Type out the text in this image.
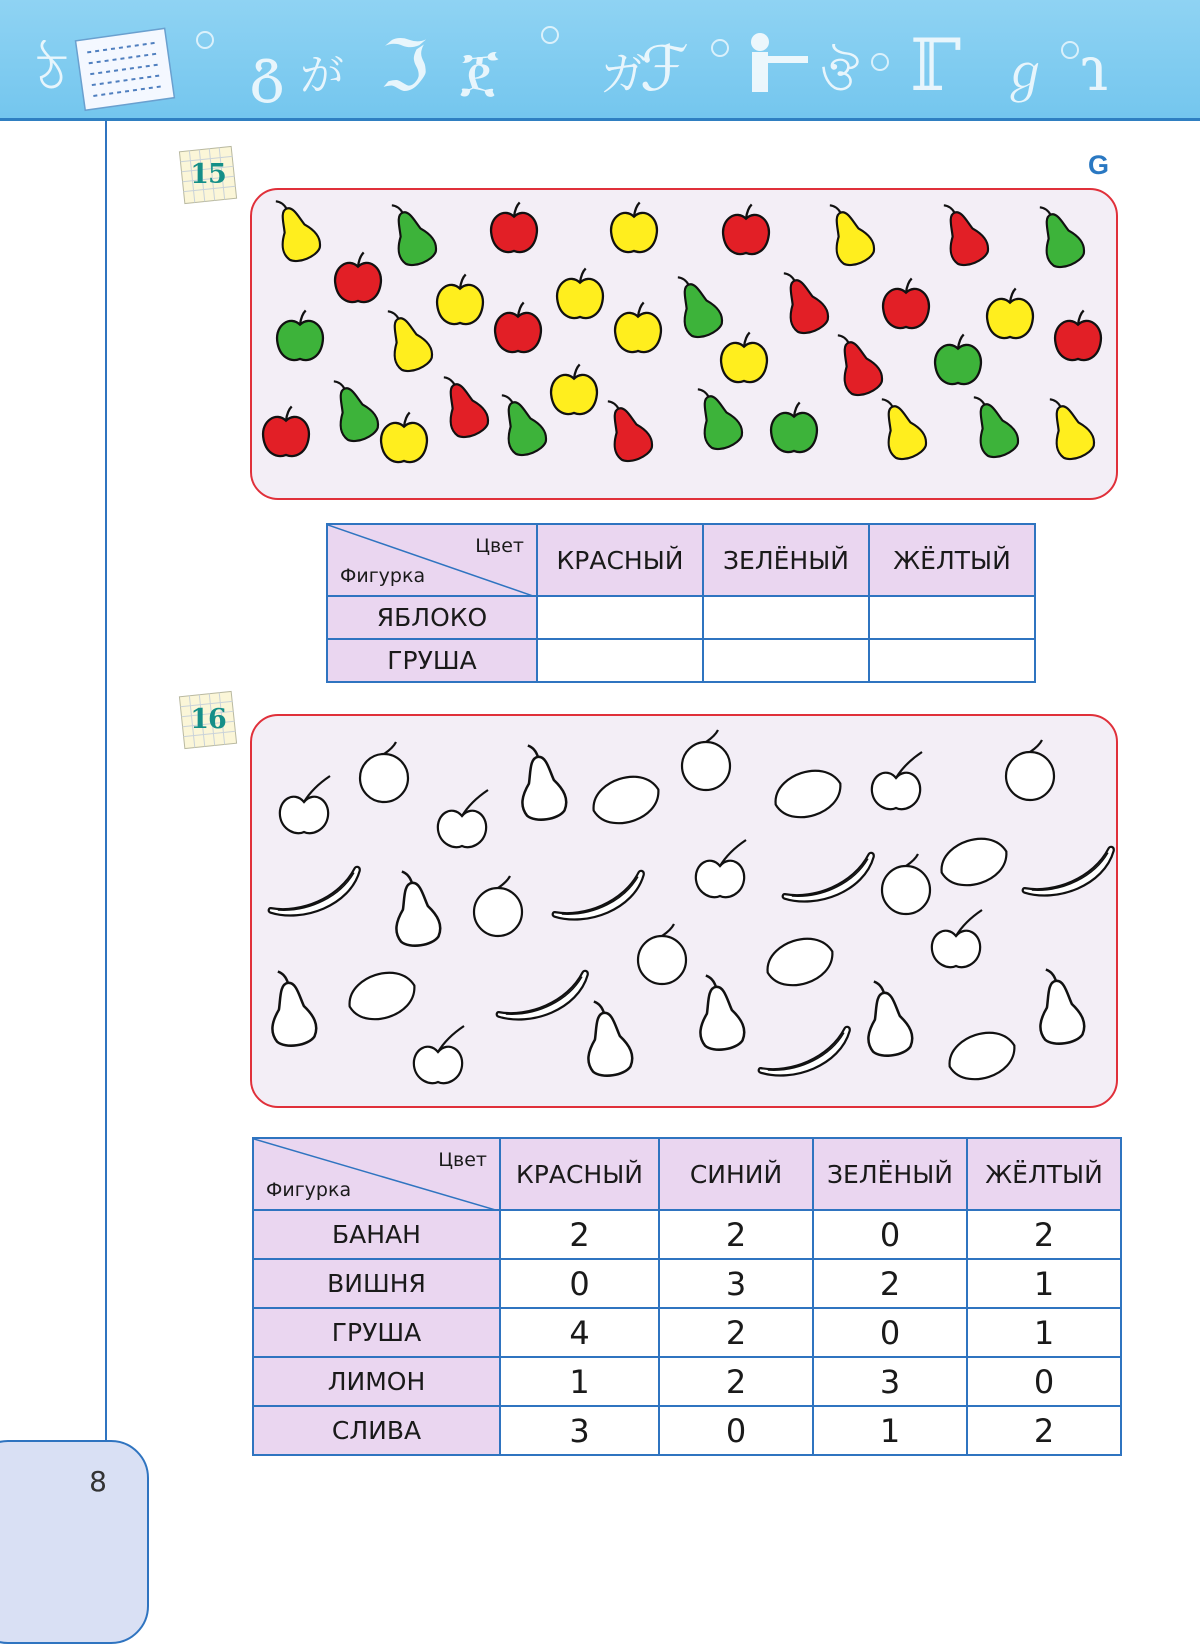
ঠ	გ が ℑ ጀ ガ
ℱ	ঔ ℾ ℊ ɿ
8
G
15
Цвет
Фигурка	КРАСНЫЙ	ЗЕЛЁНЫЙ	ЖЁЛТЫЙ
ЯБЛОКО			
ГРУША			
16
Цвет
Фигурка	КРАСНЫЙ	СИНИЙ	ЗЕЛЁНЫЙ	ЖЁЛТЫЙ
БАНАН	2	2	0	2
ВИШНЯ	0	3	2	1
ГРУША	4	2	0	1
ЛИМОН	1	2	3	0
СЛИВА	3	0	1	2
